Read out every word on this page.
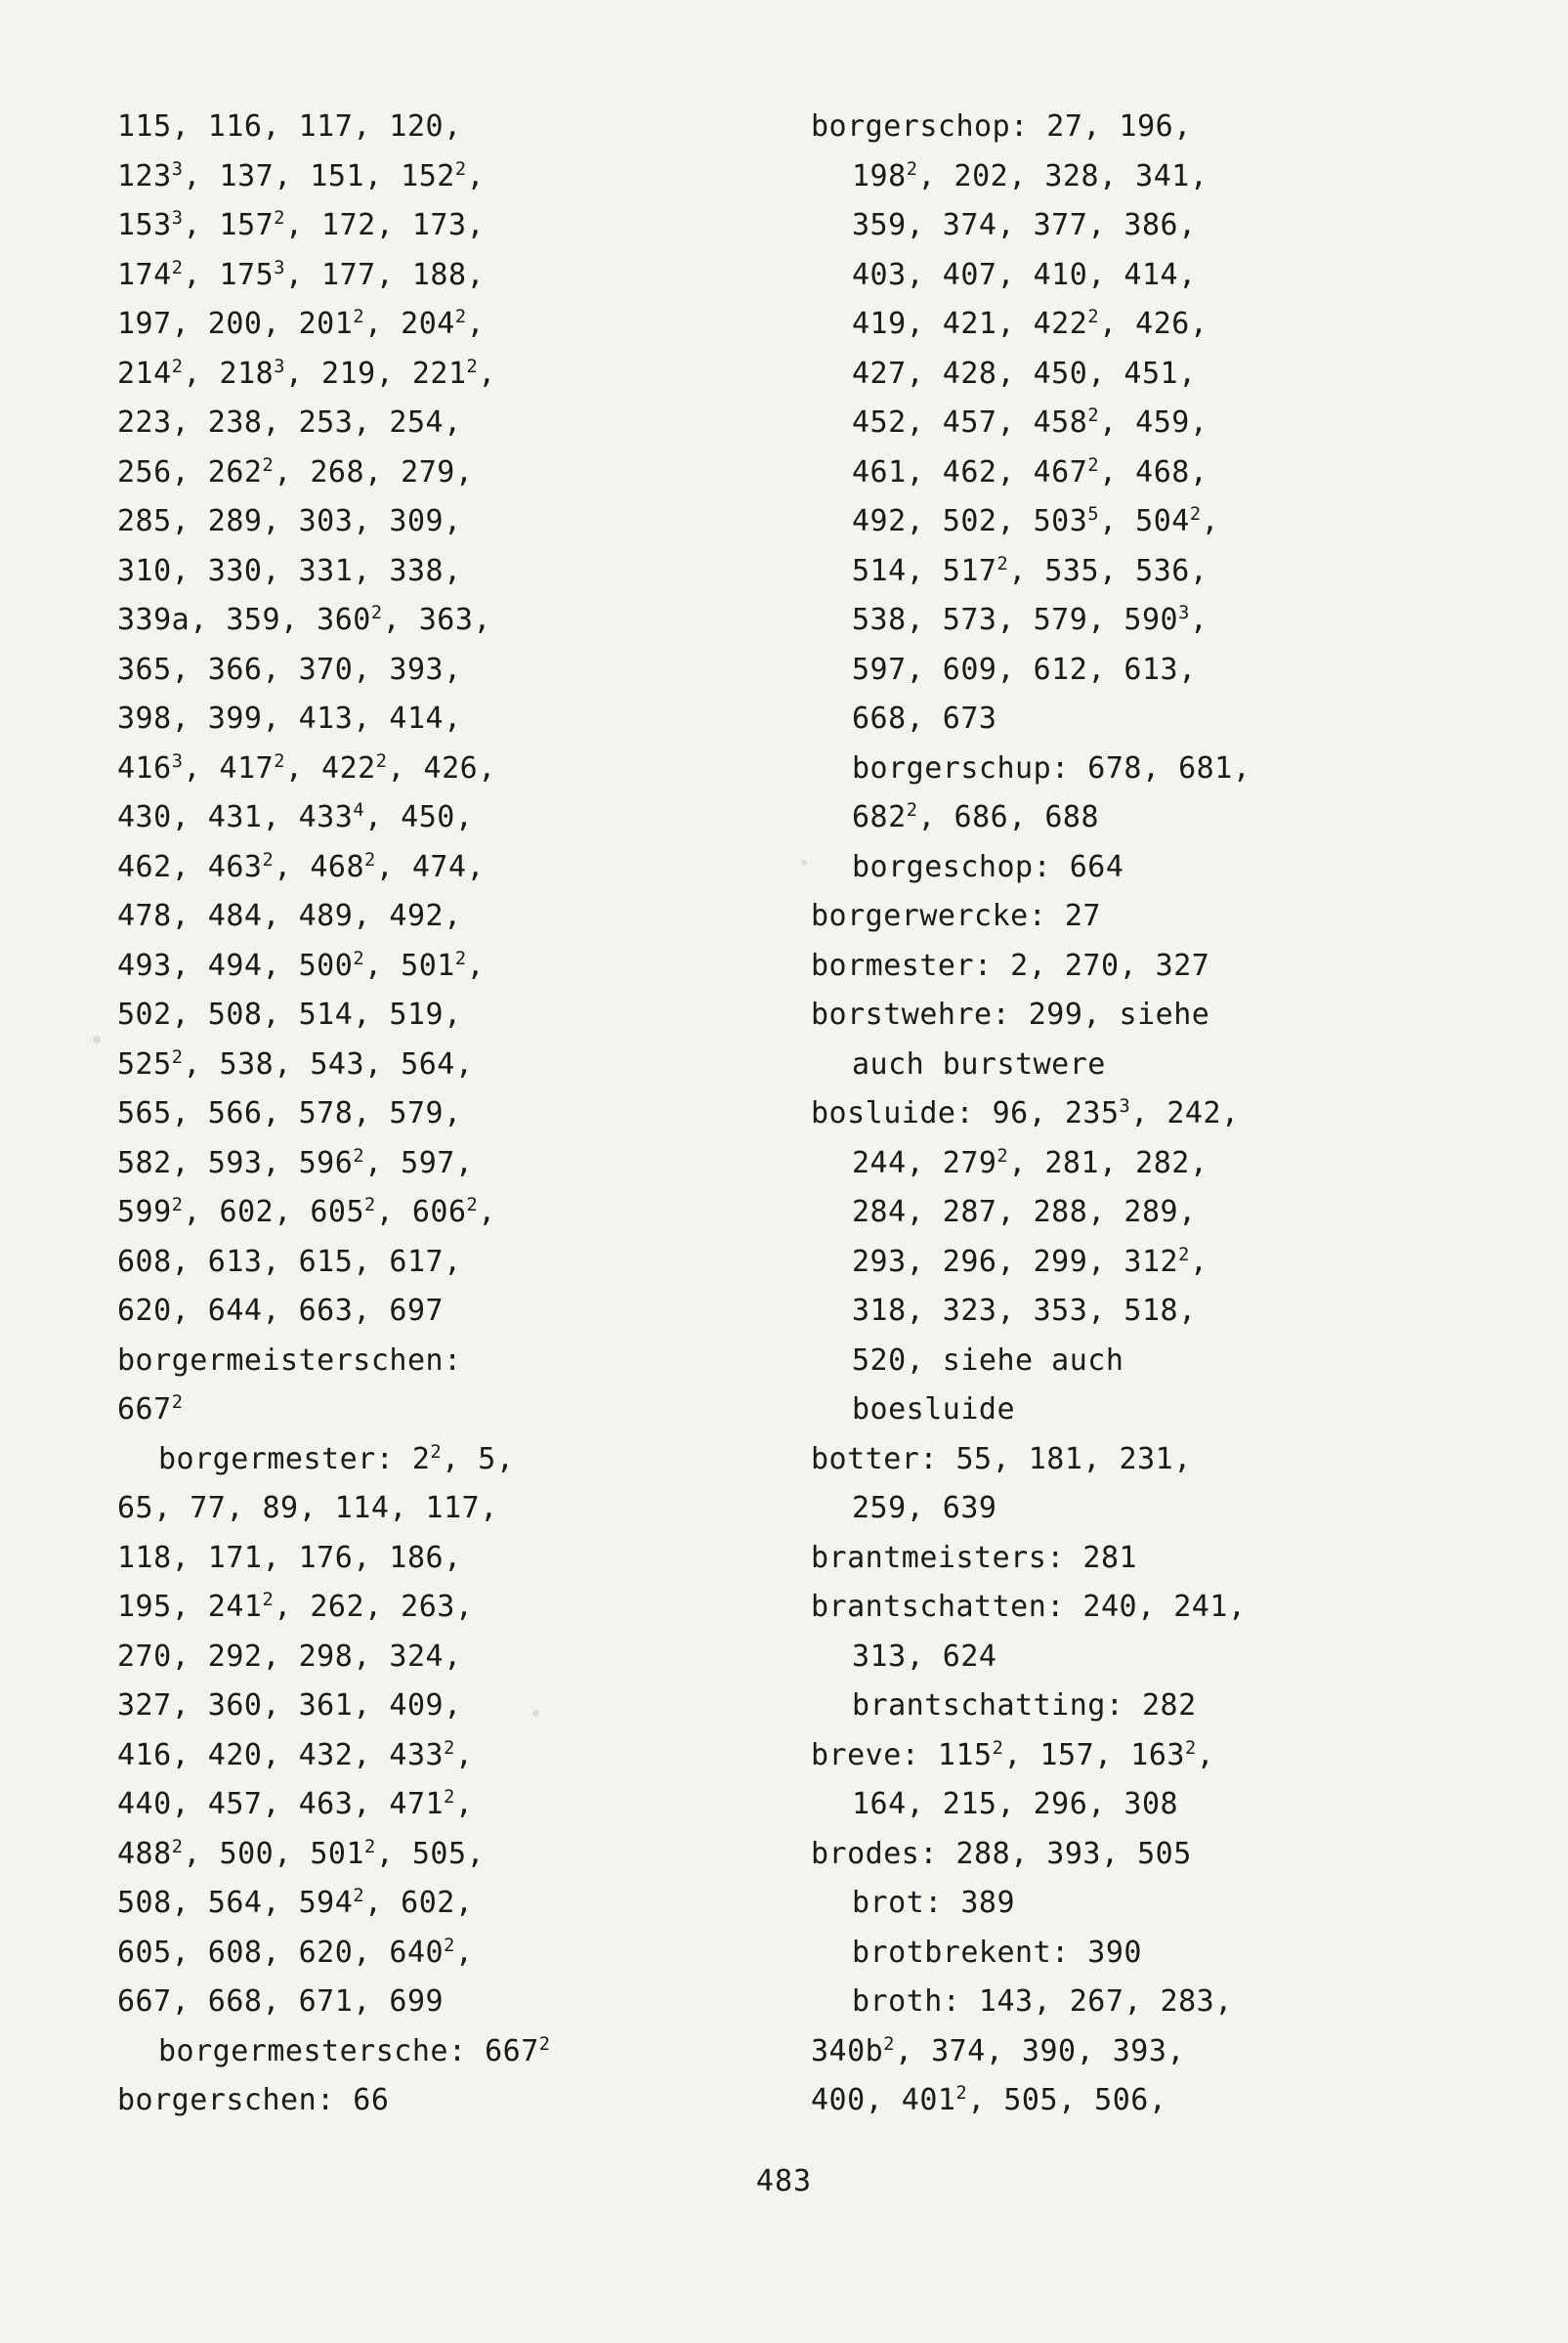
115, 116, 117, 120,
$123^3$, 137, 151, $152^2$,
$153^3$, $157^2$, 172, 173,
$174^2$, $175^3$, 177, 188,
197, 200, $201^2$, $204^2$,
$214^2$, $218^3$, 219, $221^2$,
223, 238, 253, 254,
256, $262^2$, 268, 279,
285, 289, 303, 309,
310, 330, 331, 338,
339a, 359, $360^2$, 363,
365, 366, 370, 393,
398, 399, 413, 414,
$416^3$, $417^2$, $422^2$, 426,
430, 431, $433^4$, 450,
462, $463^2$, $468^2$, 474,
478, 484, 489, 492,
493, 494, $500^2$, $501^2$,
502, 508, 514, 519,
$525^2$, 538, 543, 564,
565, 566, 578, 579,
582, 593, $596^2$, 597,
$599^2$, 602, $605^2$, $606^2$,
608, 613, 615, 617,
620, 644, 663, 697
borgermeisterschen:
$667^2$
borgermester: $2^2$, 5,
65, 77, 89, 114, 117,
118, 171, 176, 186,
195, $241^2$, 262, 263,
270, 292, 298, 324,
327, 360, 361, 409,
416, 420, 432, $433^2$,
440, 457, 463, $471^2$,
$488^2$, 500, $501^2$, 505,
508, 564, $594^2$, 602,
605, 608, 620, $640^2$,
667, 668, 671, 699
borgermestersche: $667^2$
borgerschen: 66
borgerschop: 27, 196,
$198^2$, 202, 328, 341,
359, 374, 377, 386,
403, 407, 410, 414,
419, 421, $422^2$, 426,
427, 428, 450, 451,
452, 457, $458^2$, 459,
461, 462, $467^2$, 468,
492, 502, $503^5$, $504^2$,
514, $517^2$, 535, 536,
538, 573, 579, $590^3$,
597, 609, 612, 613,
668, 673
borgerschup: 678, 681,
$682^2$, 686, 688
borgeschop: 664
borgerwercke: 27
bormester: 2, 270, 327
borstwehre: 299, siehe
auch burstwere
bosluide: 96, $235^3$, 242,
244, $279^2$, 281, 282,
284, 287, 288, 289,
293, 296, 299, $312^2$,
318, 323, 353, 518,
520, siehe auch
boesluide
botter: 55, 181, 231,
259, 639
brantmeisters: 281
brantschatten: 240, 241,
313, 624
brantschatting: 282
breve: $115^2$, 157, $163^2$,
164, 215, 296, 308
brodes: 288, 393, 505
brot: 389
brotbrekent: 390
broth: 143, 267, 283,
$340b^2$, 374, 390, 393,
400, $401^2$, 505, 506,
483
